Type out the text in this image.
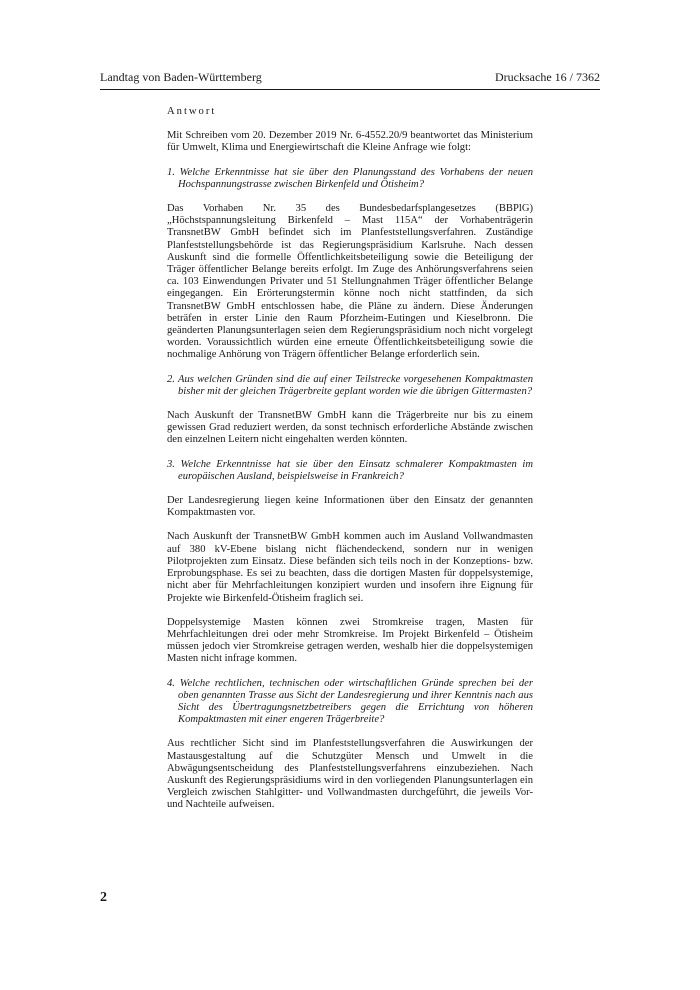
Landtag von Baden-Württemberg	Drucksache 16 / 7362

Antwort

Mit Schreiben vom 20. Dezember 2019 Nr. 6-4552.20/9 beantwortet das Ministerium für Umwelt, Klima und Energiewirtschaft die Kleine Anfrage wie folgt:

1. Welche Erkenntnisse hat sie über den Planungsstand des Vorhabens der neuen Hochspannungstrasse zwischen Birkenfeld und Ötisheim?

Das Vorhaben Nr. 35 des Bundesbedarfsplangesetzes (BBPlG) „Höchstspannungsleitung Birkenfeld – Mast 115A“ der Vorhabenträgerin TransnetBW GmbH befindet sich im Planfeststellungsverfahren. Zuständige Planfeststellungsbehörde ist das Regierungspräsidium Karlsruhe. Nach dessen Auskunft sind die formelle Öffentlichkeitsbeteiligung sowie die Beteiligung der Träger öffentlicher Belange bereits erfolgt. Im Zuge des Anhörungsverfahrens seien ca. 103 Einwendungen Privater und 51 Stellungnahmen Träger öffentlicher Belange eingegangen. Ein Erörterungstermin könne noch nicht stattfinden, da sich TransnetBW GmbH entschlossen habe, die Pläne zu ändern. Diese Änderungen beträfen in erster Linie den Raum Pforzheim-Eutingen und Kieselbronn. Die geänderten Planungsunterlagen seien dem Regierungspräsidium noch nicht vorgelegt worden. Voraussichtlich würden eine erneute Öffentlichkeitsbeteiligung sowie die nochmalige Anhörung von Trägern öffentlicher Belange erforderlich sein.

2. Aus welchen Gründen sind die auf einer Teilstrecke vorgesehenen Kompaktmasten bisher mit der gleichen Trägerbreite geplant worden wie die übrigen Gittermasten?

Nach Auskunft der TransnetBW GmbH kann die Trägerbreite nur bis zu einem gewissen Grad reduziert werden, da sonst technisch erforderliche Abstände zwischen den einzelnen Leitern nicht eingehalten werden könnten.

3. Welche Erkenntnisse hat sie über den Einsatz schmalerer Kompaktmasten im europäischen Ausland, beispielsweise in Frankreich?

Der Landesregierung liegen keine Informationen über den Einsatz der genannten Kompaktmasten vor.

Nach Auskunft der TransnetBW GmbH kommen auch im Ausland Vollwandmasten auf 380 kV-Ebene bislang nicht flächendeckend, sondern nur in wenigen Pilotprojekten zum Einsatz. Diese befänden sich teils noch in der Konzeptions- bzw. Erprobungsphase. Es sei zu beachten, dass die dortigen Masten für doppelsystemige, nicht aber für Mehrfachleitungen konzipiert wurden und insofern ihre Eignung für Projekte wie Birkenfeld-Ötisheim fraglich sei.

Doppelsystemige Masten können zwei Stromkreise tragen, Masten für Mehrfachleitungen drei oder mehr Stromkreise. Im Projekt Birkenfeld – Ötisheim müssen jedoch vier Stromkreise getragen werden, weshalb hier die doppelsystemigen Masten nicht infrage kommen.

4. Welche rechtlichen, technischen oder wirtschaftlichen Gründe sprechen bei der oben genannten Trasse aus Sicht der Landesregierung und ihrer Kenntnis nach aus Sicht des Übertragungsnetzbetreibers gegen die Errichtung von höheren Kompaktmasten mit einer engeren Trägerbreite?

Aus rechtlicher Sicht sind im Planfeststellungsverfahren die Auswirkungen der Mastausgestaltung auf die Schutzgüter Mensch und Umwelt in die Abwägungsentscheidung des Planfeststellungsverfahrens einzubeziehen. Nach Auskunft des Regierungspräsidiums wird in den vorliegenden Planungsunterlagen ein Vergleich zwischen Stahlgitter- und Vollwandmasten durchgeführt, die jeweils Vor- und Nachteile aufweisen.

2
